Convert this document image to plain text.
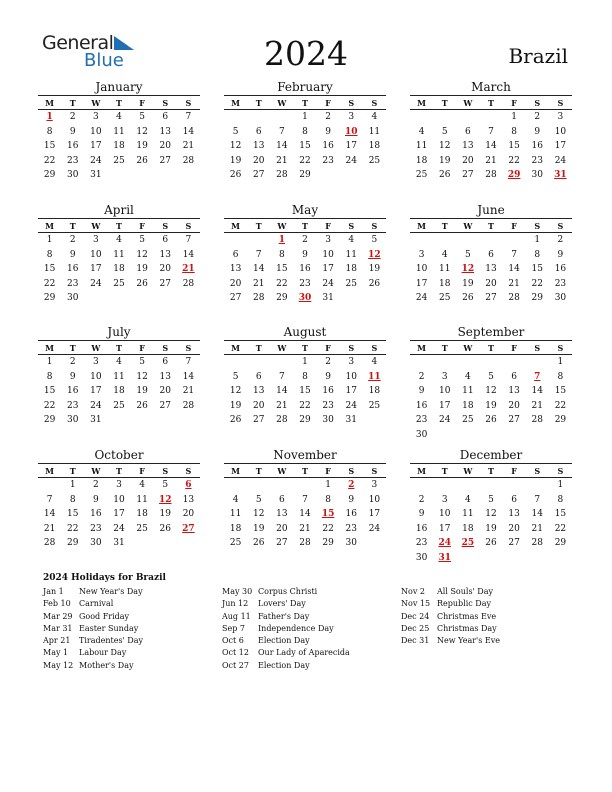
General
Blue	2024	Brazil
January
M	T	W	T	F	S	S
1	2	3	4	5	6	7
8	9	10	11	12	13	14
15	16	17	18	19	20	21
22	23	24	25	26	27	28
29	30	31				
February
M	T	W	T	F	S	S
			1	2	3	4
5	6	7	8	9	10	11
12	13	14	15	16	17	18
19	20	21	22	23	24	25
26	27	28	29			
March
M	T	W	T	F	S	S
				1	2	3
4	5	6	7	8	9	10
11	12	13	14	15	16	17
18	19	20	21	22	23	24
25	26	27	28	29	30	31
April
M	T	W	T	F	S	S
1	2	3	4	5	6	7
8	9	10	11	12	13	14
15	16	17	18	19	20	21
22	23	24	25	26	27	28
29	30					
May
M	T	W	T	F	S	S
		1	2	3	4	5
6	7	8	9	10	11	12
13	14	15	16	17	18	19
20	21	22	23	24	25	26
27	28	29	30	31		
June
M	T	W	T	F	S	S
					1	2
3	4	5	6	7	8	9
10	11	12	13	14	15	16
17	18	19	20	21	22	23
24	25	26	27	28	29	30
July
M	T	W	T	F	S	S
1	2	3	4	5	6	7
8	9	10	11	12	13	14
15	16	17	18	19	20	21
22	23	24	25	26	27	28
29	30	31				
August
M	T	W	T	F	S	S
			1	2	3	4
5	6	7	8	9	10	11
12	13	14	15	16	17	18
19	20	21	22	23	24	25
26	27	28	29	30	31	
September
M	T	W	T	F	S	S
						1
2	3	4	5	6	7	8
9	10	11	12	13	14	15
16	17	18	19	20	21	22
23	24	25	26	27	28	29
30						
October
M	T	W	T	F	S	S
	1	2	3	4	5	6
7	8	9	10	11	12	13
14	15	16	17	18	19	20
21	22	23	24	25	26	27
28	29	30	31			
November
M	T	W	T	F	S	S
				1	2	3
4	5	6	7	8	9	10
11	12	13	14	15	16	17
18	19	20	21	22	23	24
25	26	27	28	29	30	
December
M	T	W	T	F	S	S
						1
2	3	4	5	6	7	8
9	10	11	12	13	14	15
16	17	18	19	20	21	22
23	24	25	26	27	28	29
30	31					
2024 Holidays for Brazil
Jan 1 New Year's Day
Feb 10 Carnival
Mar 29 Good Friday
Mar 31 Easter Sunday
Apr 21 Tiradentes' Day
May 1 Labour Day
May 12 Mother's Day
May 30 Corpus Christi
Jun 12 Lovers' Day
Aug 11 Father's Day
Sep 7 Independence Day
Oct 6 Election Day
Oct 12 Our Lady of Aparecida
Oct 27 Election Day
Nov 2 All Souls' Day
Nov 15 Republic Day
Dec 24 Christmas Eve
Dec 25 Christmas Day
Dec 31 New Year's Eve
